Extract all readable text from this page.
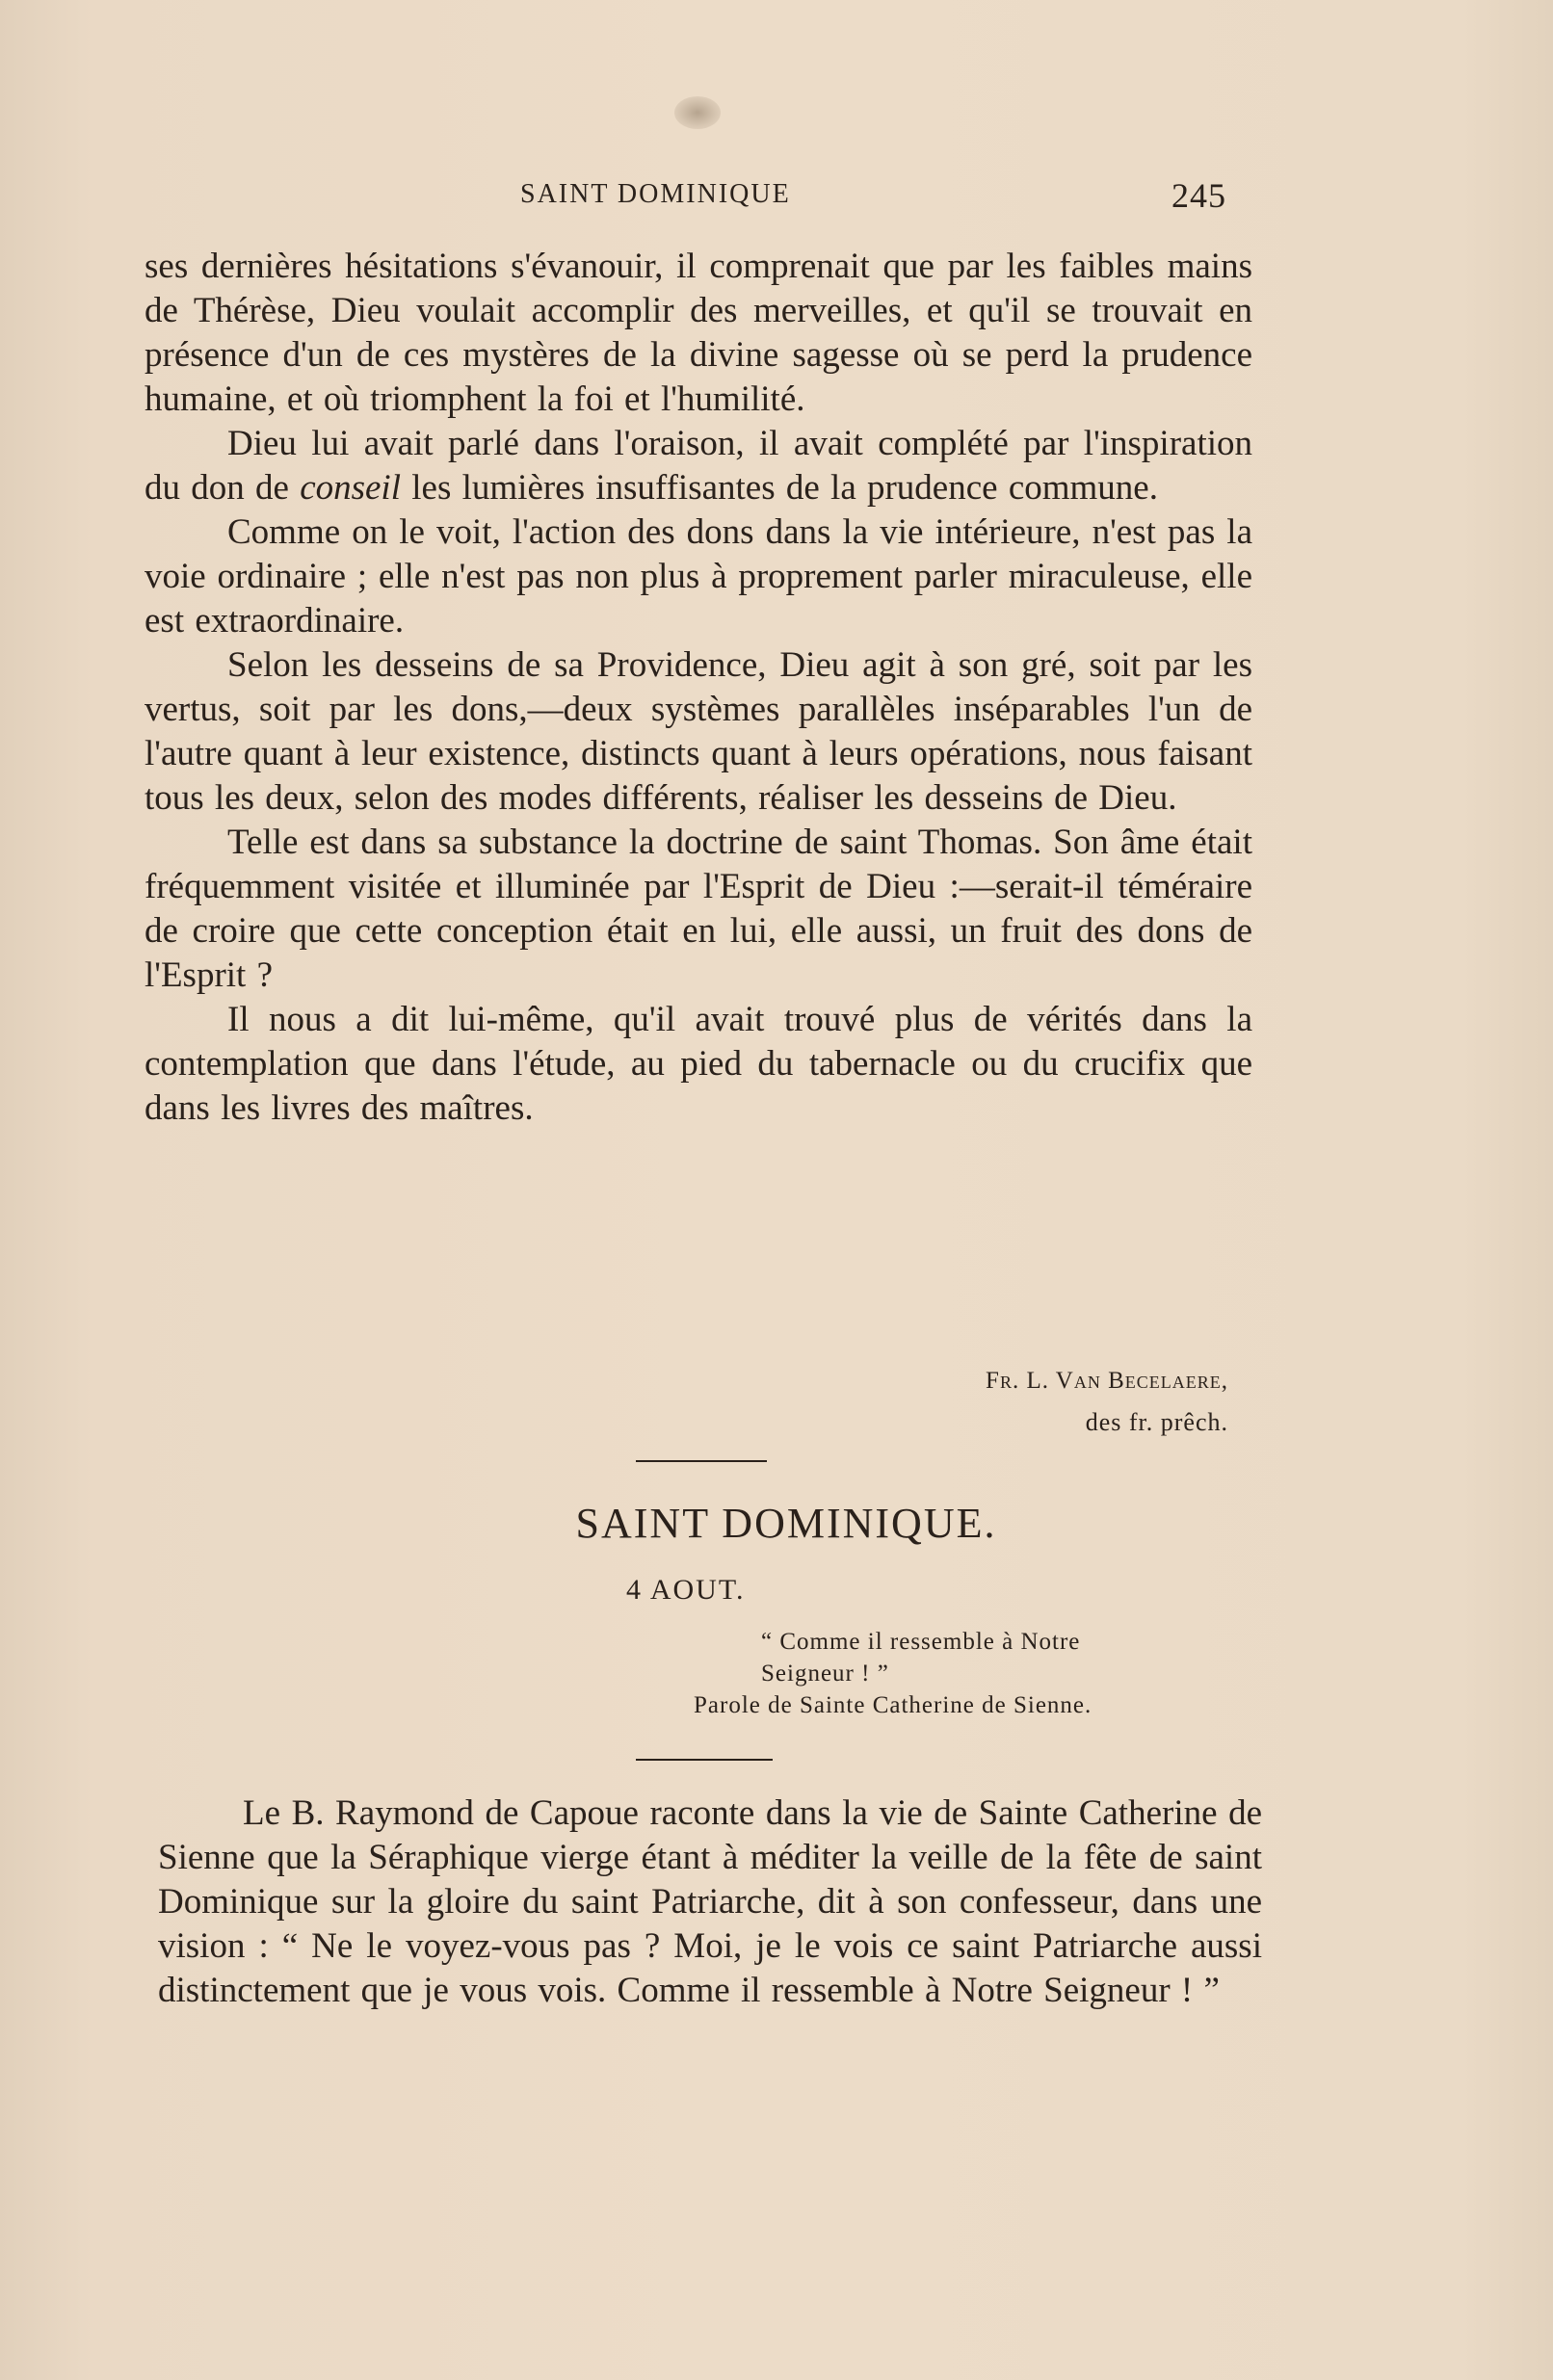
SAINT DOMINIQUE	245

ses dernières hésitations s'évanouir, il comprenait que par les faibles mains de Thérèse, Dieu voulait accomplir des merveilles, et qu'il se trouvait en présence d'un de ces mystères de la divine sagesse où se perd la prudence humaine, et où triomphent la foi et l'humilité.

Dieu lui avait parlé dans l'oraison, il avait complété par l'inspiration du don de conseil les lumières insuffisantes de la prudence commune.

Comme on le voit, l'action des dons dans la vie intérieure, n'est pas la voie ordinaire ; elle n'est pas non plus à proprement parler miraculeuse, elle est extraordinaire.

Selon les desseins de sa Providence, Dieu agit à son gré, soit par les vertus, soit par les dons,—deux systèmes parallèles inséparables l'un de l'autre quant à leur existence, distincts quant à leurs opérations, nous faisant tous les deux, selon des modes différents, réaliser les desseins de Dieu.

Telle est dans sa substance la doctrine de saint Thomas. Son âme était fréquemment visitée et illuminée par l'Esprit de Dieu :—serait-il téméraire de croire que cette conception était en lui, elle aussi, un fruit des dons de l'Esprit ?

Il nous a dit lui-même, qu'il avait trouvé plus de vérités dans la contemplation que dans l'étude, au pied du tabernacle ou du crucifix que dans les livres des maîtres.

Fr. L. Van Becelaere,
des fr. prêch.
SAINT DOMINIQUE.
4 AOUT.
“ Comme il ressemble à Notre
Seigneur ! ”
Parole de Sainte Catherine de Sienne.

Le B. Raymond de Capoue raconte dans la vie de Sainte Catherine de Sienne que la Séraphique vierge étant à méditer la veille de la fête de saint Dominique sur la gloire du saint Patriarche, dit à son confesseur, dans une vision : “ Ne le voyez-vous pas ? Moi, je le vois ce saint Patriarche aussi distinctement que je vous vois. Comme il ressemble à Notre Seigneur ! ”
